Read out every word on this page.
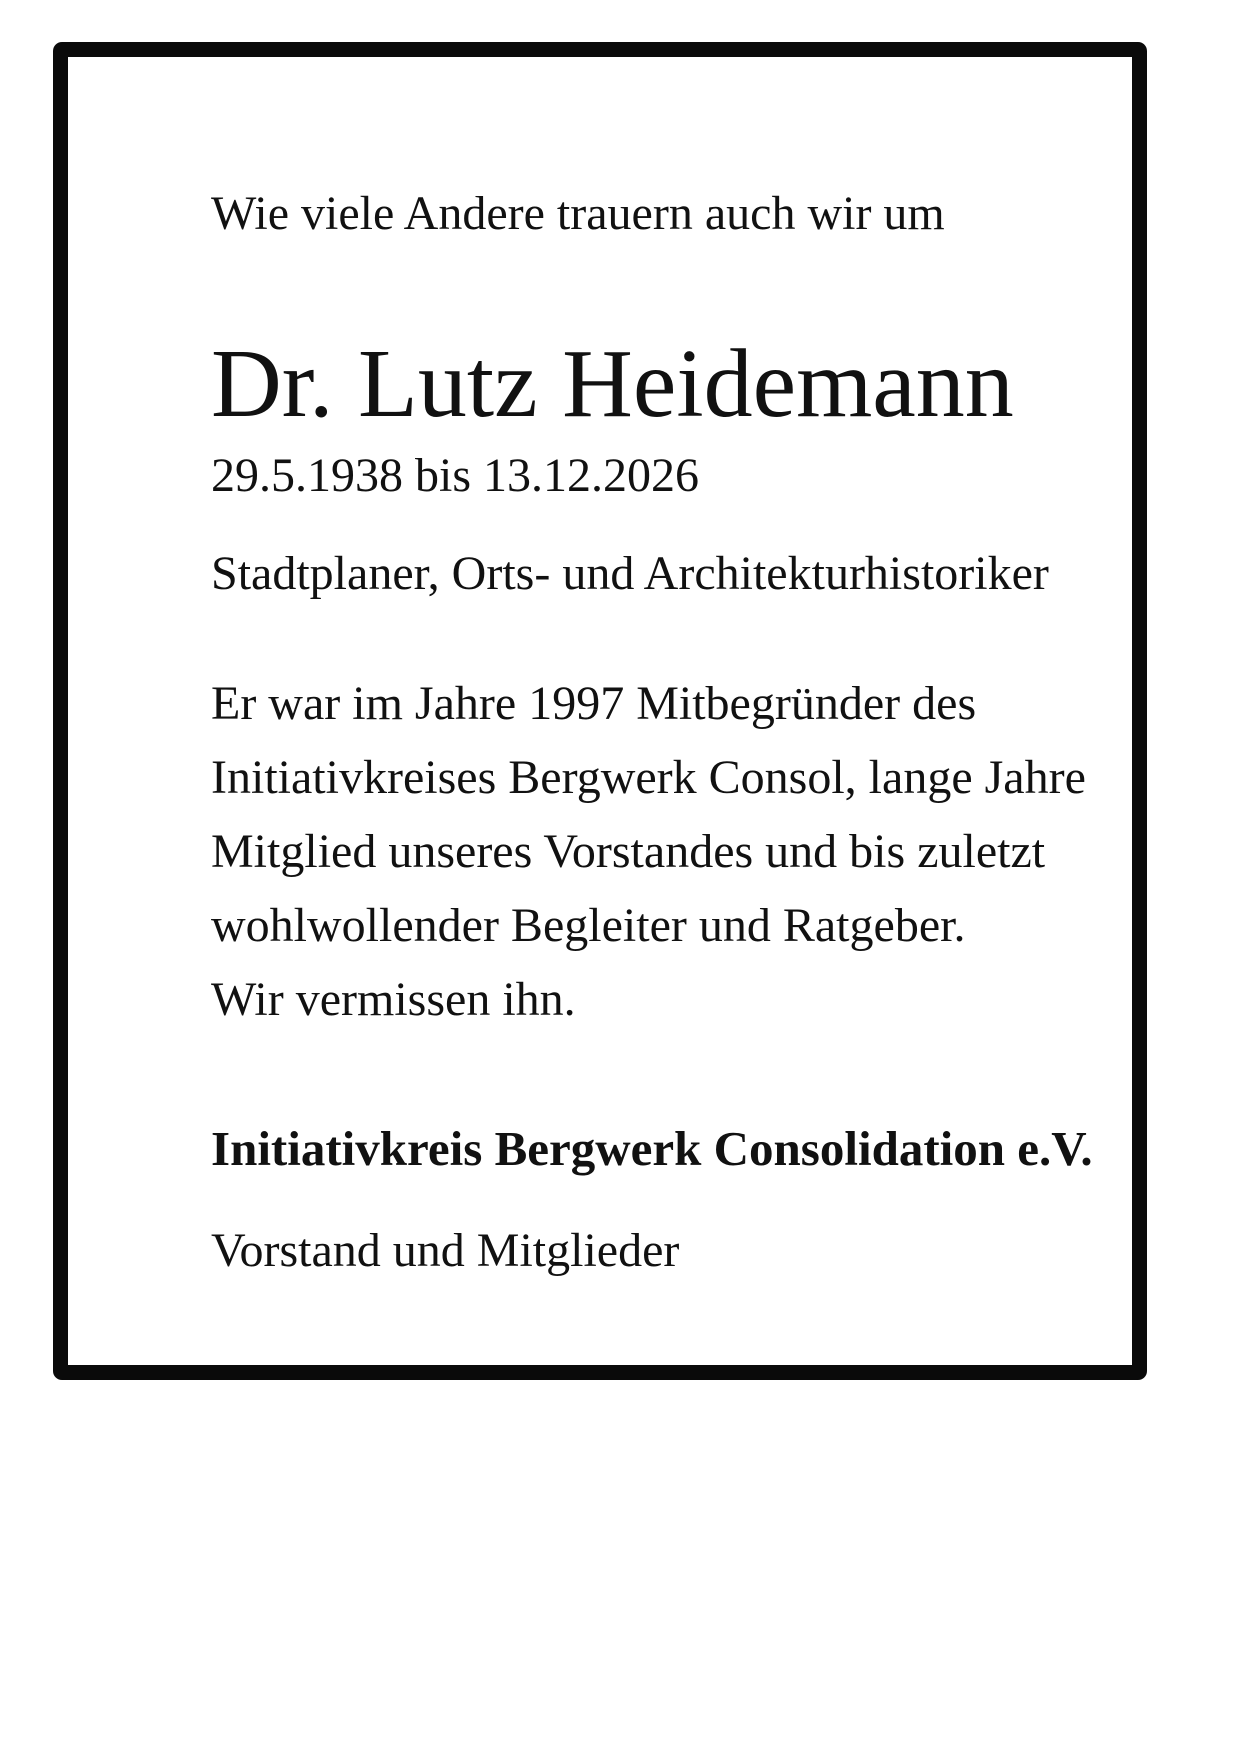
Wie viele Andere trauern auch wir um
Dr. Lutz Heidemann
29.5.1938 bis 13.12.2026
Stadtplaner, Orts- und Architekturhistoriker
Er war im Jahre 1997 Mitbegründer des
Initiativkreises Bergwerk Consol, lange Jahre
Mitglied unseres Vorstandes und bis zuletzt
wohlwollender Begleiter und Ratgeber.
Wir vermissen ihn.
Initiativkreis Bergwerk Consolidation e.V.
Vorstand und Mitglieder
